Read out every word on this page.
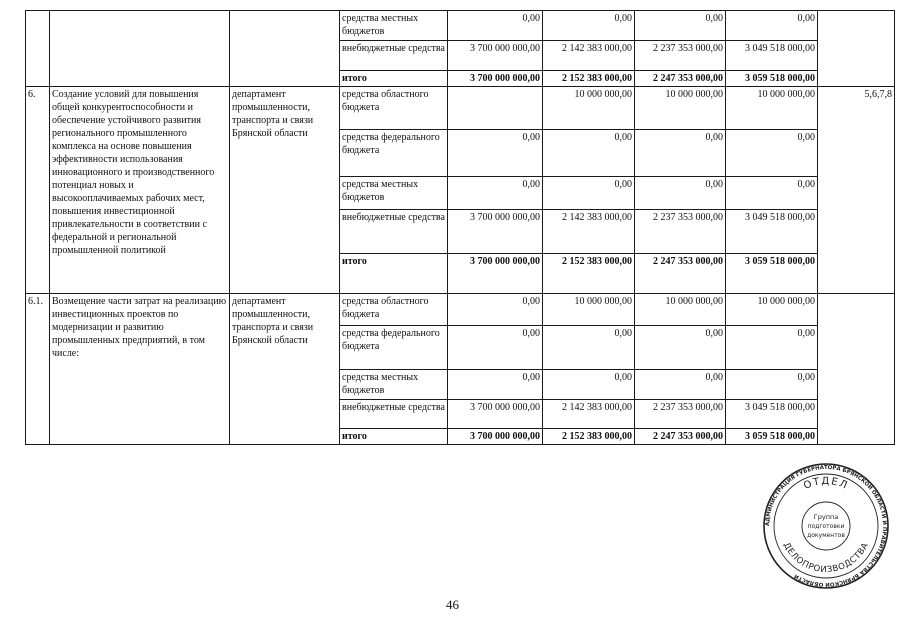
			средства местных бюджетов	0,00	0,00	0,00	0,00	
			внебюджетные средства	3 700 000 000,00	2 142 383 000,00	2 237 353 000,00	3 049 518 000,00	
			итого	3 700 000 000,00	2 152 383 000,00	2 247 353 000,00	3 059 518 000,00	
6.	Создание условий для повышения общей конкурентоспособности и обеспечение устойчивого развития регионального промышленного комплекса на основе повышения эффективности использования инновационного и производственного потенциал новых и высокооплачиваемых рабочих мест, повышения инвестиционной привлекательности в соответствии с федеральной и региональной промышленной политикой	департамент промышленности, транспорта и связи Брянской области	средства областного бюджета		10 000 000,00	10 000 000,00	10 000 000,00	5,6,7,8
			средства федерального бюджета	0,00	0,00	0,00	0,00	
			средства местных бюджетов	0,00	0,00	0,00	0,00	
			внебюджетные средства	3 700 000 000,00	2 142 383 000,00	2 237 353 000,00	3 049 518 000,00	
			итого	3 700 000 000,00	2 152 383 000,00	2 247 353 000,00	3 059 518 000,00	
6.1.	Возмещение части затрат на реализацию инвестиционных проектов по модернизации и развитию промышленных предприятий, в том числе:	департамент промышленности, транспорта и связи Брянской области	средства областного бюджета	0,00	10 000 000,00	10 000 000,00	10 000 000,00	
			средства федерального бюджета	0,00	0,00	0,00	0,00	
			средства местных бюджетов	0,00	0,00	0,00	0,00	
			внебюджетные средства	3 700 000 000,00	2 142 383 000,00	2 237 353 000,00	3 049 518 000,00	
			итого	3 700 000 000,00	2 152 383 000,00	2 247 353 000,00	3 059 518 000,00	
АДМИНИСТРАЦИЯ ГУБЕРНАТОРА БРЯНСКОЙ ОБЛАСТИ И ПРАВИТЕЛЬСТВА БРЯНСКОЙ ОБЛАСТИ
ОТДЕЛ
ДЕЛОПРОИЗВОДСТВА
Группа
подготовки
документов
46
